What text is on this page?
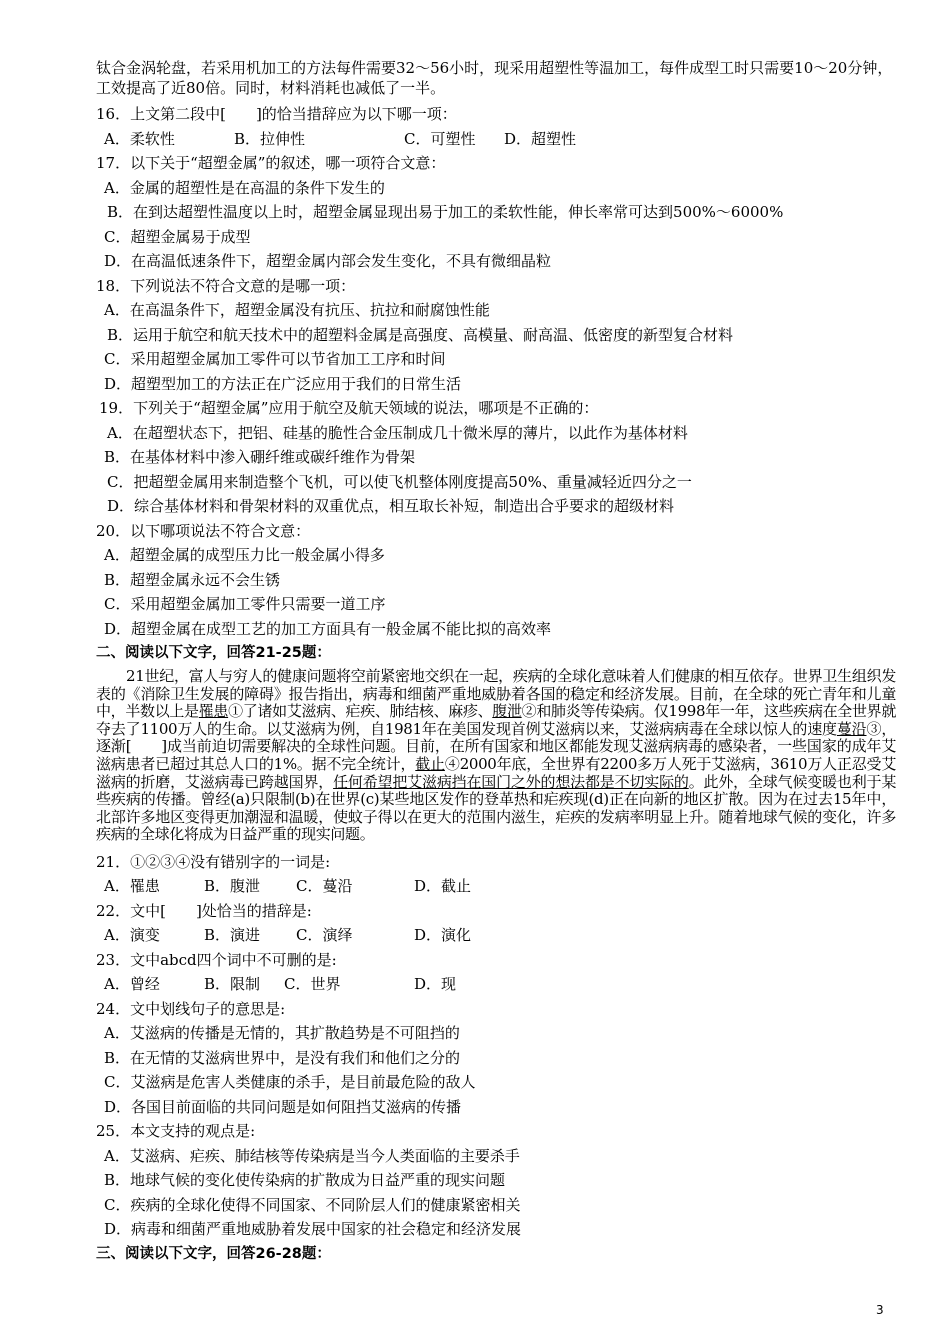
钛合金涡轮盘，若采用机加工的方法每件需要32～56小时，现采用超塑性等温加工，每件成型工时只需要10～20分钟，工效提高了近80倍。同时，材料消耗也减低了一半。

16．上文第二段中[　　]的恰当措辞应为以下哪一项：
A．柔软性	B．拉伸性	C．可塑性	D．超塑性
17．以下关于“超塑金属”的叙述，哪一项符合文意：
A．金属的超塑性是在高温的条件下发生的
B．在到达超塑性温度以上时，超塑金属显现出易于加工的柔软性能，伸长率常可达到500%～6000%
C．超塑金属易于成型
D．在高温低速条件下，超塑金属内部会发生变化，不具有微细晶粒
18．下列说法不符合文意的是哪一项：
A．在高温条件下，超塑金属没有抗压、抗拉和耐腐蚀性能
B．运用于航空和航天技术中的超塑料金属是高强度、高模量、耐高温、低密度的新型复合材料
C．采用超塑金属加工零件可以节省加工工序和时间
D．超塑型加工的方法正在广泛应用于我们的日常生活
19．下列关于“超塑金属”应用于航空及航天领域的说法，哪项是不正确的：
A．在超塑状态下，把铝、硅基的脆性合金压制成几十微米厚的薄片，以此作为基体材料
B．在基体材料中渗入硼纤维或碳纤维作为骨架
C．把超塑金属用来制造整个飞机，可以使飞机整体刚度提高50%、重量减轻近四分之一
D．综合基体材料和骨架材料的双重优点，相互取长补短，制造出合乎要求的超级材料
20．以下哪项说法不符合文意：
A．超塑金属的成型压力比一般金属小得多
B．超塑金属永远不会生锈
C．采用超塑金属加工零件只需要一道工序
D．超塑金属在成型工艺的加工方面具有一般金属不能比拟的高效率
二、阅读以下文字，回答21-25题：

21世纪，富人与穷人的健康问题将空前紧密地交织在一起，疾病的全球化意味着人们健康的相互依存。世界卫生组织发表的《消除卫生发展的障碍》报告指出，病毒和细菌严重地威胁着各国的稳定和经济发展。目前，在全球的死亡青年和儿童中，半数以上是罹患①了诸如艾滋病、疟疾、肺结核、麻疹、腹泄②和肺炎等传染病。仅1998年一年，这些疾病在全世界就夺去了1100万人的生命。以艾滋病为例，自1981年在美国发现首例艾滋病以来，艾滋病病毒在全球以惊人的速度蔓沿③，逐渐[　　]成当前迫切需要解决的全球性问题。目前，在所有国家和地区都能发现艾滋病病毒的感染者，一些国家的成年艾滋病患者已超过其总人口的1%。据不完全统计，截止④2000年底，全世界有2200多万人死于艾滋病，3610万人正忍受艾滋病的折磨，艾滋病毒已跨越国界，任何希望把艾滋病挡在国门之外的想法都是不切实际的。此外，全球气候变暖也利于某些疾病的传播。曾经(a)只限制(b)在世界(c)某些地区发作的登革热和疟疾现(d)正在向新的地区扩散。因为在过去15年中，北部许多地区变得更加潮湿和温暖，使蚊子得以在更大的范围内滋生，疟疾的发病率明显上升。随着地球气候的变化，许多疾病的全球化将成为日益严重的现实问题。

21．①②③④没有错别字的一词是:
A．罹患	B．腹泄	C．蔓沿	D．截止
22．文中[　　]处恰当的措辞是:
A．演变	B．演进	C．演绎	D．演化
23．文中abcd四个词中不可删的是:
A．曾经	B．限制	C．世界	D．现
24．文中划线句子的意思是:
A．艾滋病的传播是无情的，其扩散趋势是不可阻挡的
B．在无情的艾滋病世界中，是没有我们和他们之分的
C．艾滋病是危害人类健康的杀手，是目前最危险的敌人
D．各国目前面临的共同问题是如何阻挡艾滋病的传播
25．本文支持的观点是:
A．艾滋病、疟疾、肺结核等传染病是当今人类面临的主要杀手
B．地球气候的变化使传染病的扩散成为日益严重的现实问题
C．疾病的全球化使得不同国家、不同阶层人们的健康紧密相关
D．病毒和细菌严重地威胁着发展中国家的社会稳定和经济发展
三、阅读以下文字，回答26-28题：
3
